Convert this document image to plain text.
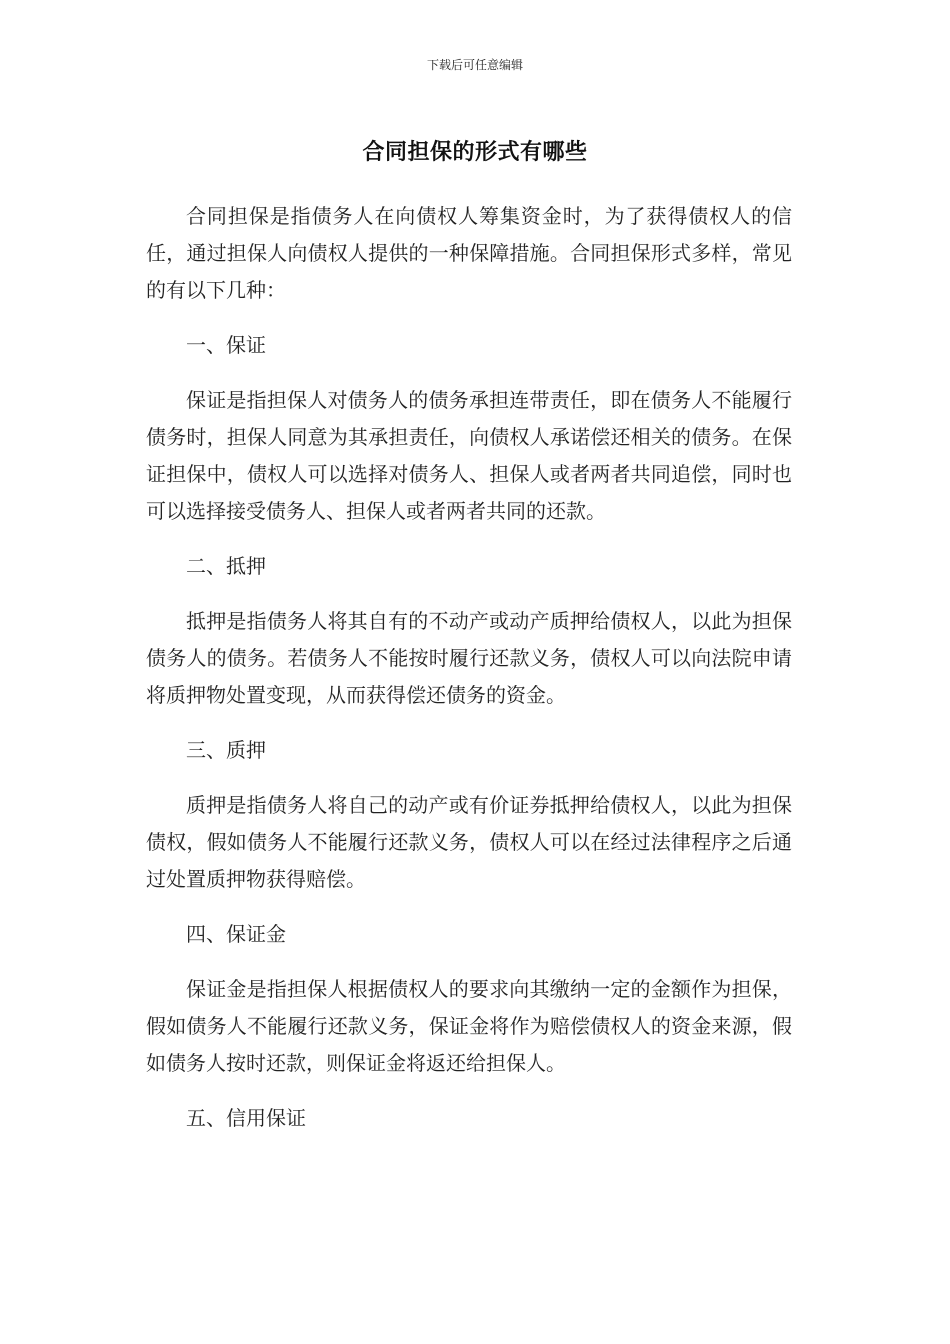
下载后可任意编辑
合同担保的形式有哪些

合同担保是指债务人在向债权人筹集资金时，为了获得债权人的信任，通过担保人向债权人提供的一种保障措施。合同担保形式多样，常见的有以下几种：

一、保证

保证是指担保人对债务人的债务承担连带责任，即在债务人不能履行债务时，担保人同意为其承担责任，向债权人承诺偿还相关的债务。在保证担保中，债权人可以选择对债务人、担保人或者两者共同追偿，同时也可以选择接受债务人、担保人或者两者共同的还款。

二、抵押

抵押是指债务人将其自有的不动产或动产质押给债权人，以此为担保债务人的债务。若债务人不能按时履行还款义务，债权人可以向法院申请将质押物处置变现，从而获得偿还债务的资金。

三、质押

质押是指债务人将自己的动产或有价证券抵押给债权人，以此为担保债权，假如债务人不能履行还款义务，债权人可以在经过法律程序之后通过处置质押物获得赔偿。

四、保证金

保证金是指担保人根据债权人的要求向其缴纳一定的金额作为担保，假如债务人不能履行还款义务，保证金将作为赔偿债权人的资金来源，假如债务人按时还款，则保证金将返还给担保人。

五、信用保证
